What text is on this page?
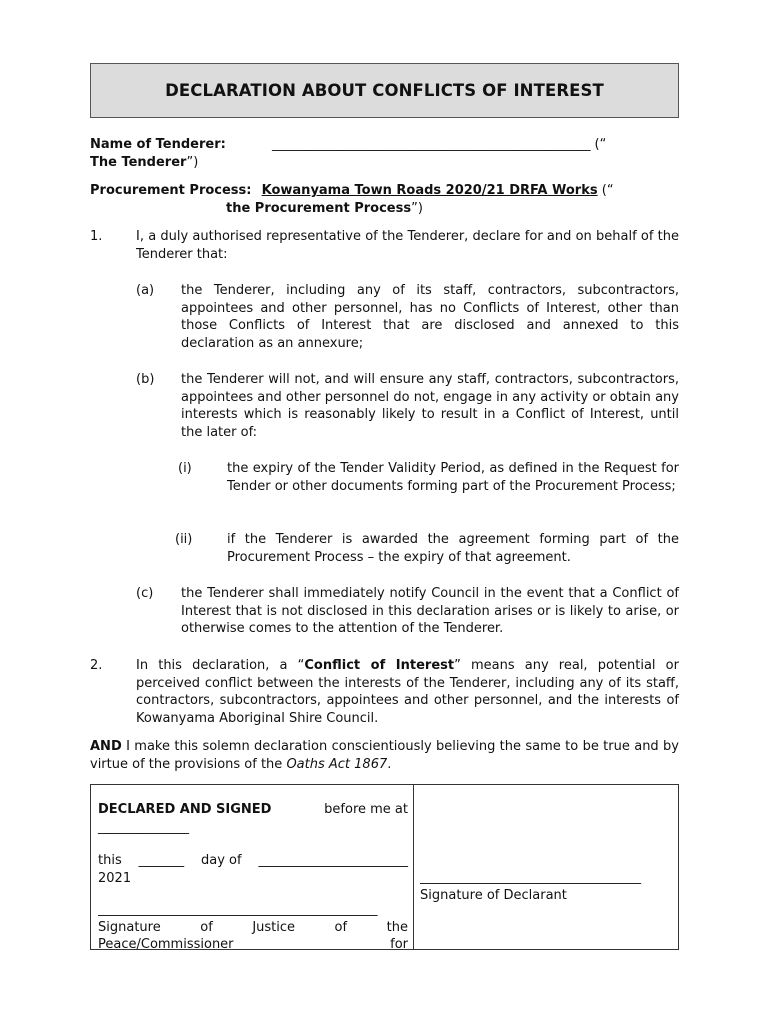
DECLARATION ABOUT CONFLICTS OF INTEREST
Name of Tenderer:	_________________________________________________ (“
The Tenderer”)
Procurement Process: Kowanyama Town Roads 2020/21 DRFA Works (“
the Procurement Process”)
1.	I, a duly authorised representative of the Tenderer, declare for and on behalf of the Tenderer that:
(a) the Tenderer, including any of its staff, contractors, subcontractors, appointees and other personnel, has no Conflicts of Interest, other than those Conflicts of Interest that are disclosed and annexed to this declaration as an annexure;
(b) the Tenderer will not, and will ensure any staff, contractors, subcontractors, appointees and other personnel do not, engage in any activity or obtain any interests which is reasonably likely to result in a Conflict of Interest, until the later of:
(i)	the expiry of the Tender Validity Period, as defined in the Request for Tender or other documents forming part of the Procurement Process;
(ii)	if the Tenderer is awarded the agreement forming part of the Procurement Process – the expiry of that agreement.
(c) the Tenderer shall immediately notify Council in the event that a Conflict of Interest that is not disclosed in this declaration arises or is likely to arise, or otherwise comes to the attention of the Tenderer.
2.	In this declaration, a “Conflict of Interest” means any real, potential or perceived conflict between the interests of the Tenderer, including any of its staff, contractors, subcontractors, appointees and other personnel, and the interests of Kowanyama Aboriginal Shire Council.
AND I make this solemn declaration conscientiously believing the same to be true and by virtue of the provisions of the Oaths Act 1867.
DECLARED AND SIGNED	before me at
______________
this _______ day of _______________________
2021
___________________________________________
Signature	of	Justice	of	the
Peace/Commissioner	for
__________________________________
Signature of Declarant
